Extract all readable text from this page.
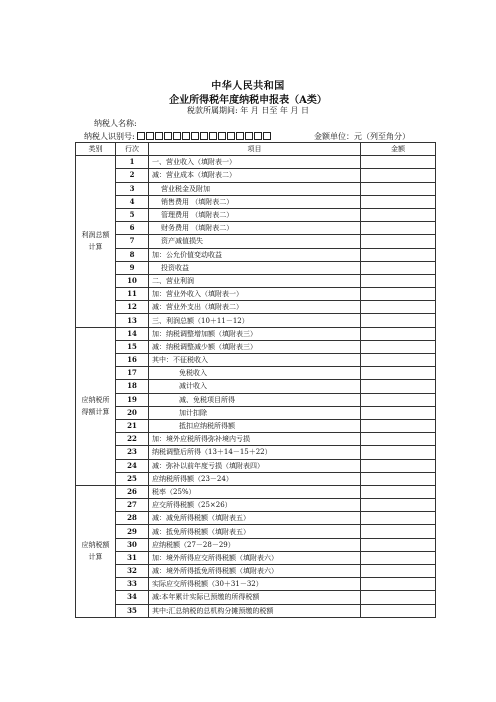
中华人民共和国
企业所得税年度纳税申报表（A类）
税款所属期间: 年 月 日至 年 月 日
纳税人名称:
纳税人识别号:	金额单位：元（列至角分）
类别	行次	项目	金额
利润总额计算	1	一、营业收入（填附表一）	
	2	减：营业成本（填附表二）	
	3	营业税金及附加	
	4	销售费用 （填附表二）	
	5	管理费用 （填附表二）	
	6	财务费用 （填附表二）	
	7	资产减值损失	
	8	加：公允价值变动收益	
	9	投资收益	
	10	二、营业利润	
	11	加：营业外收入（填附表一）	
	12	减：营业外支出（填附表二）	
	13	三、利润总额（10＋11－12）	
应纳税所得额计算	14	加：纳税调整增加额（填附表三）	
	15	减：纳税调整减少额（填附表三）	
	16	其中：不征税收入	
	17	免税收入	
	18	减计收入	
	19	减、免税项目所得	
	20	加计扣除	
	21	抵扣应纳税所得额	
	22	加：境外应税所得弥补境内亏损	
	23	纳税调整后所得（13＋14－15＋22）	
	24	减：弥补以前年度亏损（填附表四）	
	25	应纳税所得额（23－24）	
应纳税额计算	26	税率（25%）	
	27	应交所得税额（25×26）	
	28	减：减免所得税额（填附表五）	
	29	减：抵免所得税额（填附表五）	
	30	应纳税额（27－28－29）	
	31	加：境外所得应交所得税额（填附表六）	
	32	减：境外所得抵免所得税额（填附表六）	
	33	实际应交所得税额（30＋31－32）	
	34	减:本年累计实际已预缴的所得税额	
	35	其中:汇总纳税的总机构分摊预缴的税额	
